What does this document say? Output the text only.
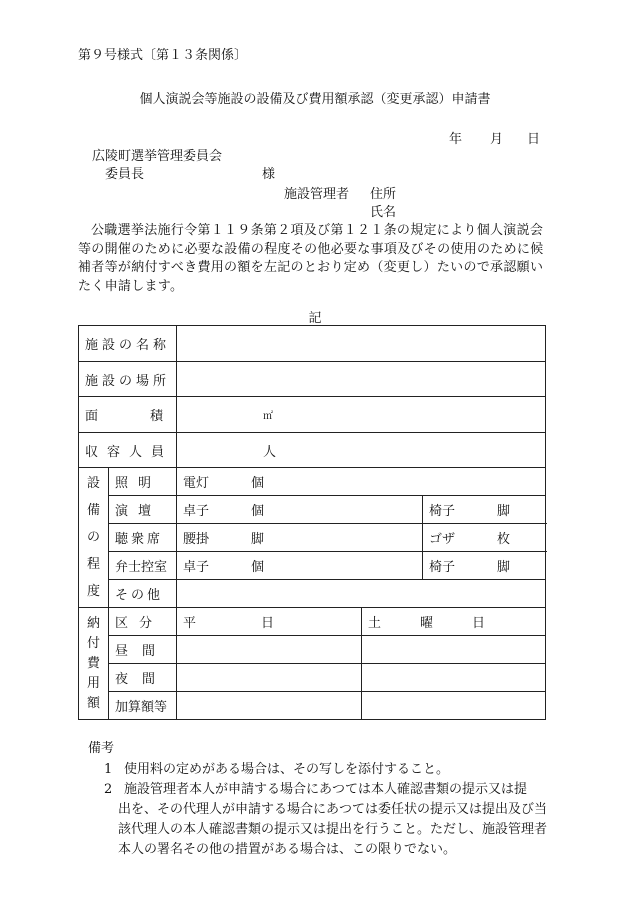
第９号様式〔第１３条関係〕
個人演説会等施設の設備及び費用額承認（変更承認）申請書
年 月 日
広陵町選挙管理委員会
委員長	様
施設管理者 住所
氏名
公職選挙法施行令第１１９条第２項及び第１２１条の規定により個人演説会等の開催のために必要な設備の程度その他必要な事項及びその使用のために候補者等が納付すべき費用の額を左記のとおり定め（変更し）たいので承認願いたく申請します。
記
施設の名称					
施設の場所					

面 積		㎡			
収容人員		人			

設
備
の
程
度	照明	電灯 個			
	演壇	卓子 個		椅子 脚	
	聴衆席	腰掛 脚		ゴザ 枚	
	弁士控室	卓子 個		椅子 脚	
	その他				

納
付
費
用
額	区分	平　　　　　日	土　　　曜　　　日	
	昼間				
	夜間				
	加算額等				
備考
1 使用料の定めがある場合は、その写しを添付すること。
2 施設管理者本人が申請する場合にあつては本人確認書類の提示又は提
出を、その代理人が申請する場合にあつては委任状の提示又は提出及び当該代理人の本人確認書類の提示又は提出を行うこと。ただし、施設管理者本人の署名その他の措置がある場合は、この限りでない。
